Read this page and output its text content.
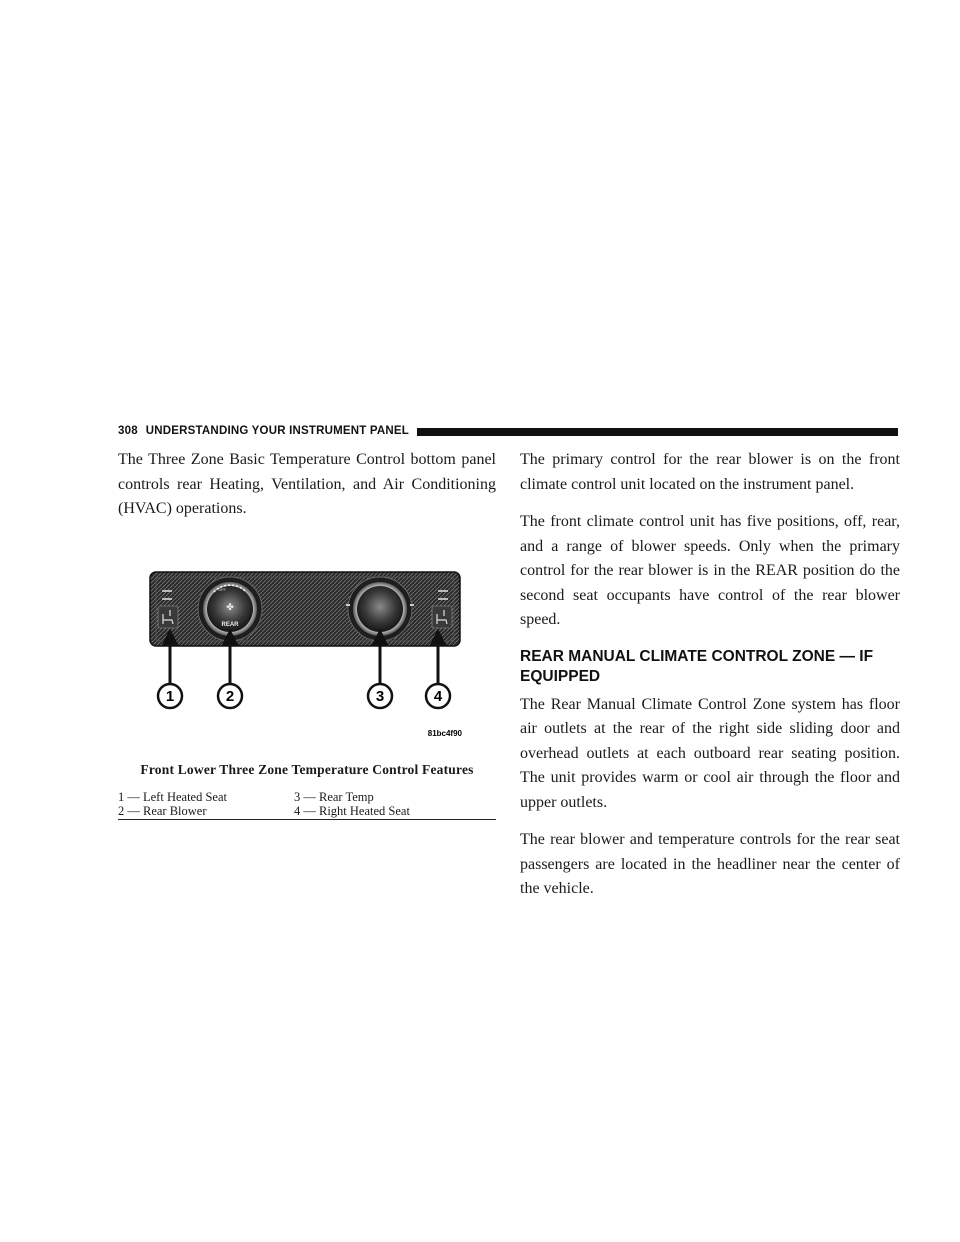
308 UNDERSTANDING YOUR INSTRUMENT PANEL

The Three Zone Basic Temperature Control bottom panel controls rear Heating, Ventilation, and Air Conditioning (HVAC) operations.

OFF
✤
REAR
1	2	3	4
81bc4f90
Front Lower Three Zone Temperature Control Features
1 — Left Heated Seat	3 — Rear Temp
2 — Rear Blower	4 — Right Heated Seat

The primary control for the rear blower is on the front climate control unit located on the instrument panel.

The front climate control unit has five positions, off, rear, and a range of blower speeds. Only when the primary control for the rear blower is in the REAR position do the second seat occupants have control of the rear blower speed.

REAR MANUAL CLIMATE CONTROL ZONE — IF EQUIPPED

The Rear Manual Climate Control Zone system has floor air outlets at the rear of the right side sliding door and overhead outlets at each outboard rear seating position. The unit provides warm or cool air through the floor and upper outlets.

The rear blower and temperature controls for the rear seat passengers are located in the headliner near the center of the vehicle.
